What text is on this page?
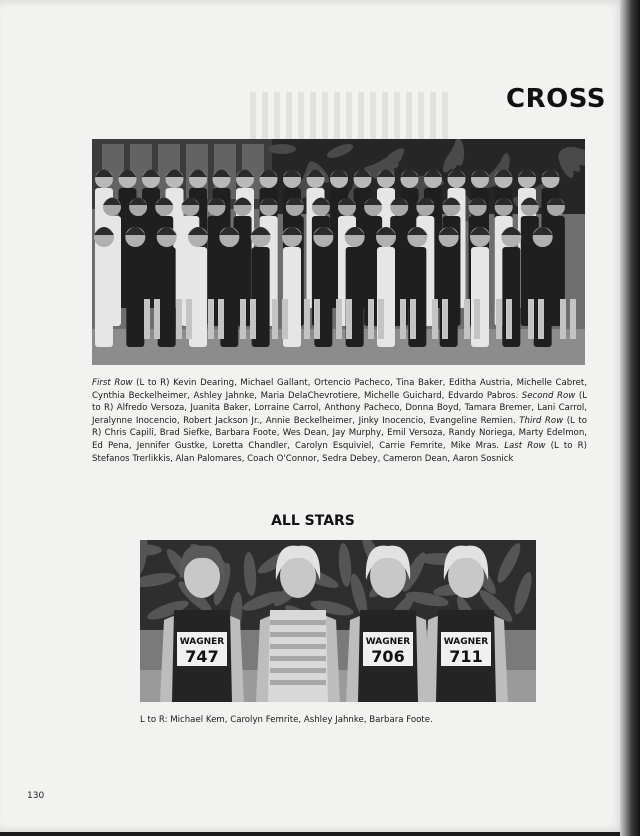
CROSS
First Row (L to R) Kevin Dearing, Michael Gallant, Ortencio Pacheco, Tina Baker, Editha Austria, Michelle Cabret, Cynthia Beckelheimer, Ashley Jahnke, Maria DelaChevrotiere, Michelle Guichard, Edvardo Pabros. Second Row (L to R) Alfredo Versoza, Juanita Baker, Lorraine Carrol, Anthony Pacheco, Donna Boyd, Tamara Bremer, Lani Carrol, Jeralynne Inocencio, Robert Jackson Jr., Annie Beckelheimer, Jinky Inocencio, Evangeline Remien. Third Row (L to R) Chris Capili, Brad Siefke, Barbara Foote, Wes Dean, Jay Murphy, Emil Versoza, Randy Noriega, Marty Edelmon, Ed Pena, Jennifer Gustke, Loretta Chandler, Carolyn Esquiviel, Carrie Femrite, Mike Mras. Last Row (L to R) Stefanos Trerlikkis, Alan Palomares, Coach O'Connor, Sedra Debey, Cameron Dean, Aaron Sosnick
ALL STARS
WAGNER
747
WAGNER
706
WAGNER
711
L to R: Michael Kem, Carolyn Femrite, Ashley Jahnke, Barbara Foote.
130
